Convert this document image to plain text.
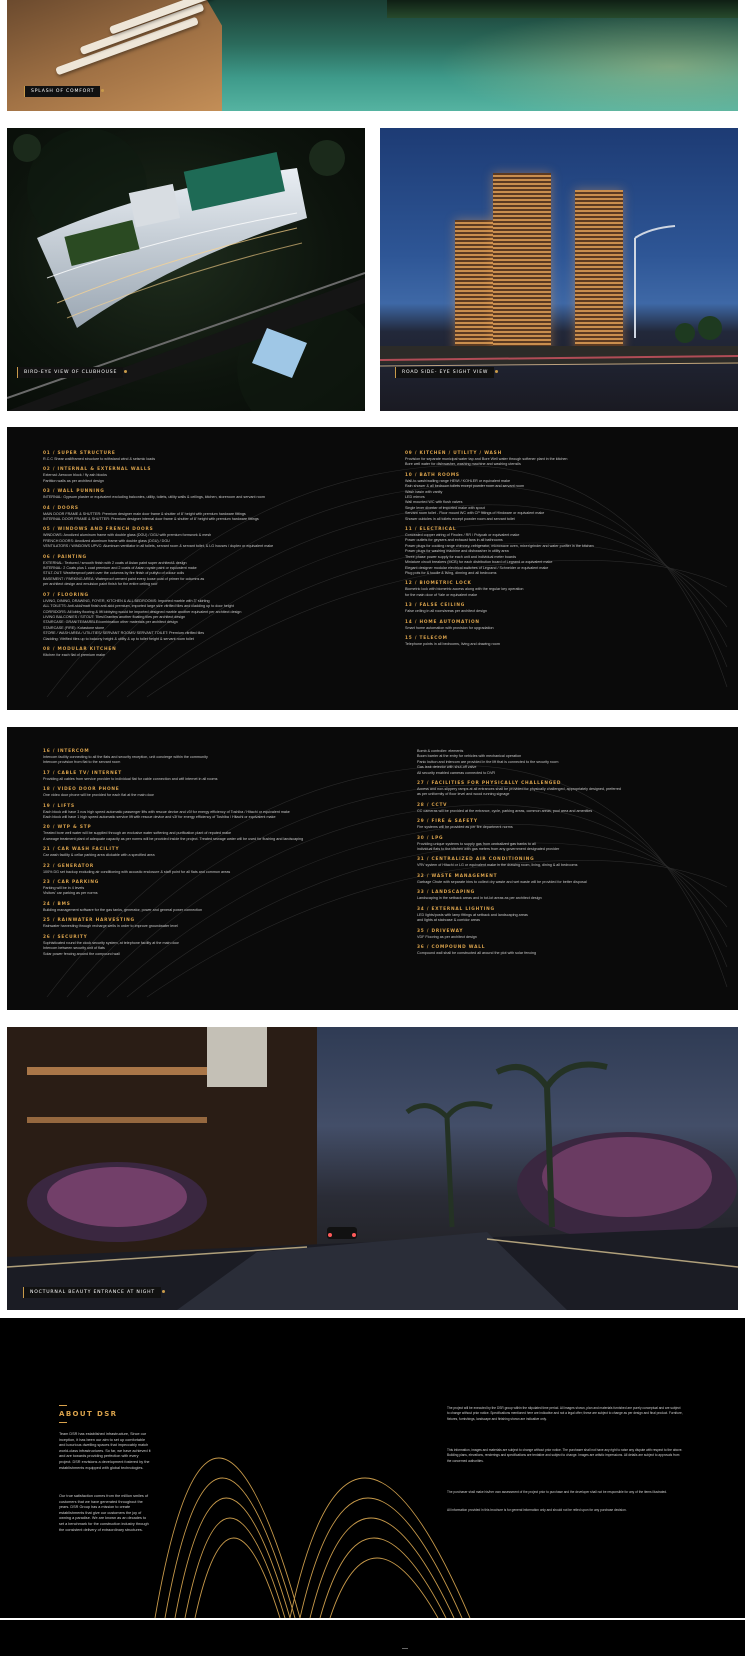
SPLASH OF COMFORT
BIRD-EYE VIEW OF CLUBHOUSE	ROAD SIDE- EYE SIGHT VIEW
01 / SUPER STRUCTURE
R.C.C Shear wall/framed structure to withstand wind & seismic loads
02 / INTERNAL & EXTERNAL WALLS
External: Aerocon block / fly ash blocks
Partition walls as per architect design
03 / WALL PUNNING
INTERNAL: Gypsum plaster or equivalent excluding balconies, utility, toilets, utility walls & ceilings, kitchen, storeroom and servant room
04 / DOORS
MAIN DOOR FRAME & SHUTTER: Premium designer main door frame & shutter of 8' height with premium hardware fittings
INTERNAL DOOR FRAME & SHUTTER: Premium designer internal door frame & shutter of 8' height with premium hardware fittings
05 / WINDOWS AND FRENCH DOORS
WINDOWS: Anodized aluminum frame with double glass (DGU) / DGU with premium formwork & mesh
FRENCH DOORS: Anodized aluminum frame with double glass (DGU) / DGU
VENTILATORS / WINDOWS UPVC: Aluminum ventilator in all toilets, servant room & servant toilet, & LG houses / duplex or equivalent make
06 / PAINTING
EXTERNAL: Textured / smooth finish with 2 coats of Asian paint super architect& design
INTERNAL: 2 Coats plus 1 coat premium and 2 coats of Asian royale paint or equivalent make
STILT-OUT: Weatherproof paint over the columns by fire finish of puttyto of colour coils
BASEMENT / PARKING AREA: Waterproof cement paint every loose coat of primer for columns as
per architect design and emulsion paint finish for the entire ceiling roof
07 / FLOORING
LIVING, DINING, DRAWING, FOYER, KITCHEN & ALL BEDROOMS: Imported marble with 3" skirting
ALL TOILETS: Anti-skid/matt finish anti-skid premium, imported large size vitrified tiles and cladding up to door height
CORRIDORS: All lobby flooring & lift lobbying would be imported designed marble another equivalent per architect design
LIVING BALCONIES / SITOUT: Tiles/Granites another floating tiles per architect design
STAIRCASE: GRANITE/MARBLE/combination other materials per architect design
STAIRCASE (FIRE): Kotastone stone
STORE / WASH AREA / UTILITIES/ SERVANT ROOMS/ SERVANT TOILET: Premium vitrified tiles
Cladding: Vitrified tiles up to balcony height & utility & up to toilet height & servant room toilet
08 / MODULAR KITCHEN
Kitchen for each flat of premium make
09 / KITCHEN / UTILITY / WASH
Provision for separate municipal water tap and Bore Well water through softener plant in the kitchen
Bore well water for dishwasher, washing machine and washing utensils
10 / BATH ROOMS
Wall-to-wash/walling range HEWI / KOHLER or equivalent make
Rain shower & all bedroom toilets except powder room and servant room
Wash basin with vanity
LED mirrors
Wall mounted WC with flush valves
Single lever diverter of imported make with spout
Servant room toilet - Floor mount WC with CP fittings of Hindware or equivalent make
Shower cubicles in all toilets except powder room and servant toilet
11 / ELECTRICAL
Concealed copper wiring of Finolex / RR / Polycab or equivalent make
Power outlets for geysers and exhaust fans in all bathrooms
Power plugs for cooking range chimney, refrigerator, microwave oven, mixer/grinder and water purifier in the kitchen
Power plugs for washing machine and dishwasher in utility area
Three phase power supply for each unit and individual meter boards
Miniature circuit breakers (MCB) for each distribution board of Legrand or equivalent make
Elegant designer modular electrical switches of Legrand / Schneider or equivalent make
Plug pots for & toodle & living, dinning and all bedrooms
12 / BIOMETRIC LOCK
Biometric lock with biometric access along with the regular key operation
for the main door of Yale or equivalent make
13 / FALSE CEILING
False ceiling in all room/areas per architect design
14 / HOME AUTOMATION
Smart home automation with provision for upgradation
15 / TELECOM
Telephone points in all bedrooms, living and drawing room
16 / INTERCOM
Intercom facility connecting to all the flats and security reception, unit concierge within the community
Intercom provision from flat to the servant room
17 / CABLE TV/ INTERNET
Providing all cables from service provider to individual flat for cable connection and wifi internet in all rooms
18 / VIDEO DOOR PHONE
One video door phone will be provided for each flat at the main door
19 / LIFTS
Each block will have 3 nos high speed automatic passenger lifts with rescue device and v3f for energy efficiency of Toshiba / Hitachi or equivalent make
Each block will have 1 high speed automatic service lift with rescue device and v3f for energy efficiency of Toshiba / Hitachi or equivalent make
20 / WTP & STP
Treated bore well water will be supplied through an exclusive water softening and purification plant of reputed make
A sewage treatment plant of adequate capacity as per norms will be provided inside the project. Treated sewage water will be used for flushing and landscaping
21 / CAR WASH FACILITY
Car wash facility & cellar parking area clickable with a specified area
22 / GENERATOR
100% DG set backup excluding air conditioning with acoustic enclosure & staff point for all flats and common areas
23 / CAR PARKING
Parking will be in 4 levels
Visitors' car parking as per norms
24 / BMS
Building management software for the gas tanks, generator, power and general power connection
25 / RAINWATER HARVESTING
Rainwater harvesting through recharge wells in order to improve groundwater level
26 / SECURITY
Sophisticated round the clock security system, at telephone facility at the main door
Intercom between security unit of flats
Solar power fencing around the compound wall
Bomb & controller: elements
Boom barrier at the entry for vehicles with mechanical operation
Panic button and intercom are provided in the lift that is connected to the security room
Gas leak detector with shut-off valve
All security enabled cameras connected to DVR
27 / FACILITIES FOR PHYSICALLY CHALLENGED
Access and non-slippery ramps at all entrances shall be provided for physically challenged, appropriately designed, preferred
as per uniformity of floor level and wood running signage
28 / CCTV
CC cameras will be provided at the entrance, cycle, parking areas, common areas, pool area and amenities
29 / FIRE & SAFETY
Fire systems will be provided as per fire department norms
30 / LPG
Providing unique systems to supply gas from centralized gas banks to all
individual flats to the kitchen with gas meters from any government designated provider
31 / CENTRALIZED AIR CONDITIONING
VRV system of Hitachi or LG or equivalent make in the drawing room, living, dining & all bedrooms
32 / WASTE MANAGEMENT
Garbage Chute with separate bins to collect dry waste and wet waste will be provided for better disposal
33 / LANDSCAPING
Landscaping in the setback areas and in tot-lot areas as per architect design
34 / EXTERNAL LIGHTING
LED lights/posts with lamp fittings at setback and landscaping areas
and lights at staircase & corridor areas
35 / DRIVEWAY
VDF Flooring as per architect design
36 / COMPOUND WALL
Compound wall shall be constructed all around the plot with solar fencing
NOCTURNAL BEAUTY ENTRANCE AT NIGHT
ABOUT DSR
Team DSR has established infrastructure, Since our inception, it has been our aim to set up comfortable and luxurious dwelling spaces that impeccably match world-class infrastructures. So far, we have achieved it and are towards providing perfection with every project. DSR envisions a development fostered by the establishments equipped with global technologies.
Our true satisfaction comes from the million smiles of customers that we have generated throughout the years. DSR Group has a mission to create establishments that give our customers the joy of owning a paradise. We are known as an decades to set a benchmark for the construction industry through the consistent delivery of extraordinary structures.
The project will be executed by the DSR group within the stipulated time period. All images shown, plan and materials furnished are purely conceptual and are subject to change without prior notice. Specifications mentioned here are indicative and not a legal offer; these are subject to change as per design and final product. Furniture, fixtures, furnishings, landscape and finishing shown are indicative only.
This information, images and materials are subject to change without prior notice. The purchaser shall not have any right to raise any dispute with respect to the above. Building plans, elevations, renderings and specifications are tentative and subject to change. Images are artistic impressions. All details are subject to approvals from the concerned authorities.
The purchaser shall make his/her own assessment of the project prior to purchase and the developer shall not be responsible for any of the items illustrated.
All information provided in this brochure is for general information only and should not be relied upon for any purchase decision.
